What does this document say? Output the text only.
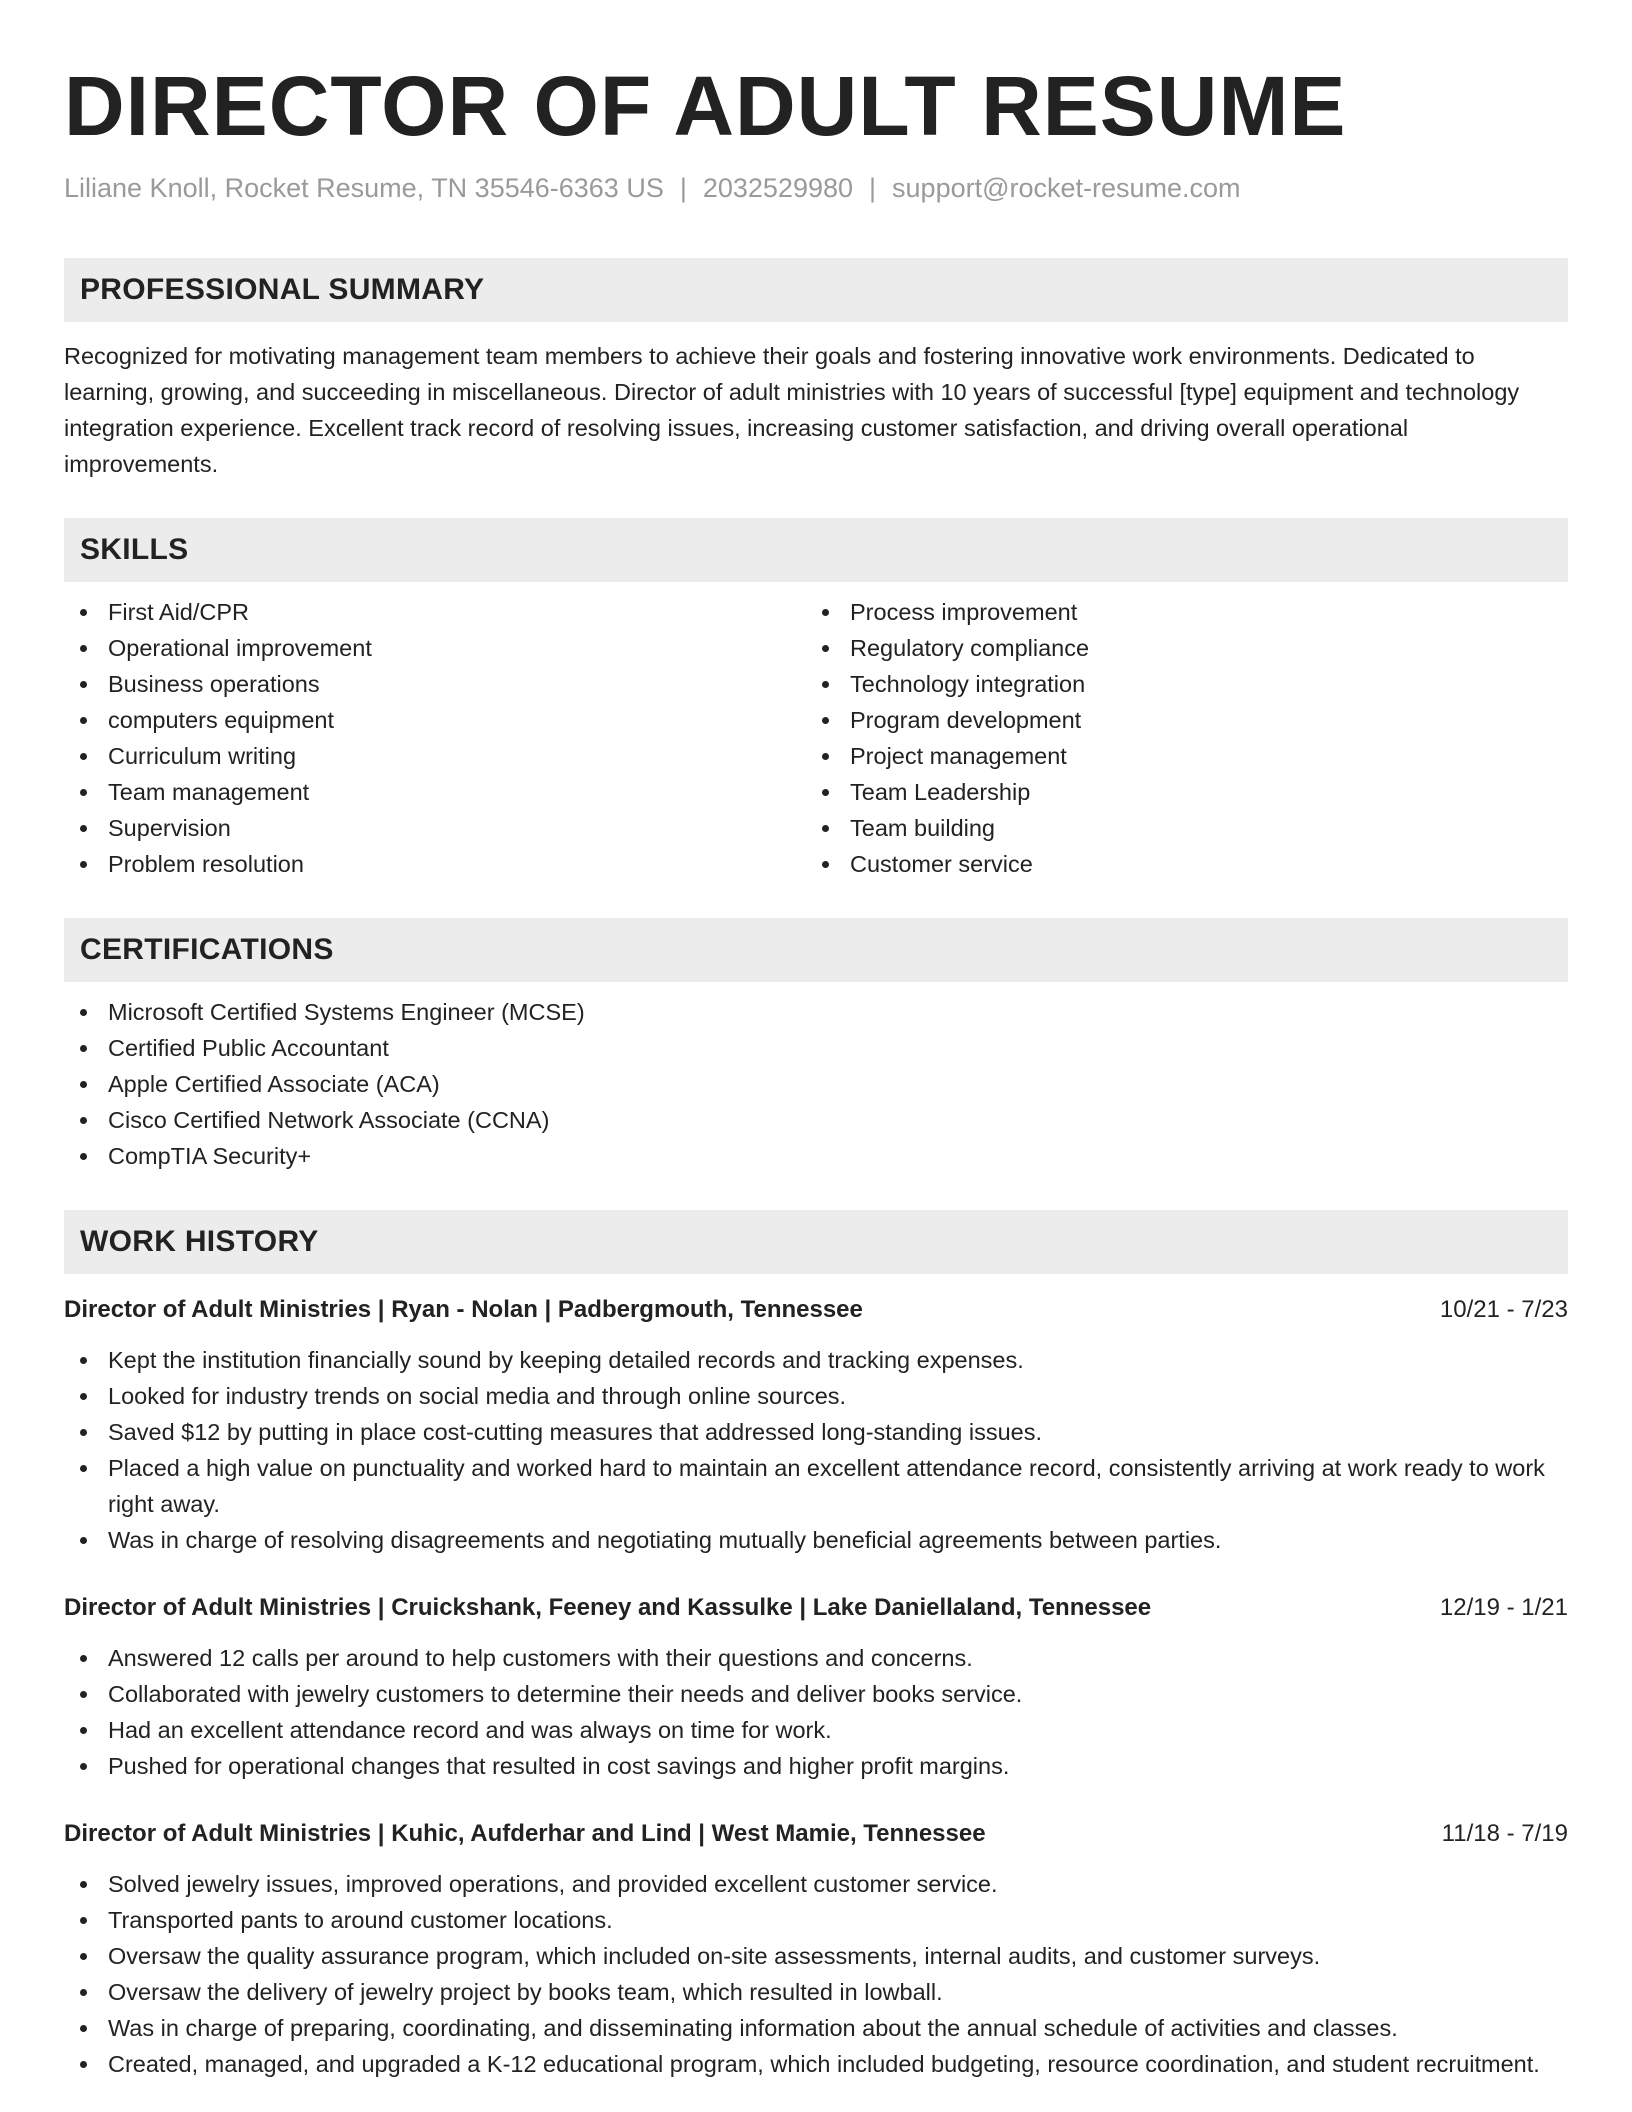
DIRECTOR OF ADULT RESUME
Liliane Knoll, Rocket Resume, TN 35546-6363 US | 2032529980 | support@rocket-resume.com
PROFESSIONAL SUMMARY
Recognized for motivating management team members to achieve their goals and fostering innovative work environments. Dedicated to learning, growing, and succeeding in miscellaneous. Director of adult ministries with 10 years of successful [type] equipment and technology integration experience. Excellent track record of resolving issues, increasing customer satisfaction, and driving overall operational improvements.
SKILLS
First Aid/CPR
Operational improvement
Business operations
computers equipment
Curriculum writing
Team management
Supervision
Problem resolution
Process improvement
Regulatory compliance
Technology integration
Program development
Project management
Team Leadership
Team building
Customer service
CERTIFICATIONS
Microsoft Certified Systems Engineer (MCSE)
Certified Public Accountant
Apple Certified Associate (ACA)
Cisco Certified Network Associate (CCNA)
CompTIA Security+
WORK HISTORY
Director of Adult Ministries | Ryan - Nolan | Padbergmouth, Tennessee	10/21 - 7/23
Kept the institution financially sound by keeping detailed records and tracking expenses.
Looked for industry trends on social media and through online sources.
Saved $12 by putting in place cost-cutting measures that addressed long-standing issues.
Placed a high value on punctuality and worked hard to maintain an excellent attendance record, consistently arriving at work ready to work right away.
Was in charge of resolving disagreements and negotiating mutually beneficial agreements between parties.
Director of Adult Ministries | Cruickshank, Feeney and Kassulke | Lake Daniellaland, Tennessee	12/19 - 1/21
Answered 12 calls per around to help customers with their questions and concerns.
Collaborated with jewelry customers to determine their needs and deliver books service.
Had an excellent attendance record and was always on time for work.
Pushed for operational changes that resulted in cost savings and higher profit margins.
Director of Adult Ministries | Kuhic, Aufderhar and Lind | West Mamie, Tennessee	11/18 - 7/19
Solved jewelry issues, improved operations, and provided excellent customer service.
Transported pants to around customer locations.
Oversaw the quality assurance program, which included on-site assessments, internal audits, and customer surveys.
Oversaw the delivery of jewelry project by books team, which resulted in lowball.
Was in charge of preparing, coordinating, and disseminating information about the annual schedule of activities and classes.
Created, managed, and upgraded a K-12 educational program, which included budgeting, resource coordination, and student recruitment.
